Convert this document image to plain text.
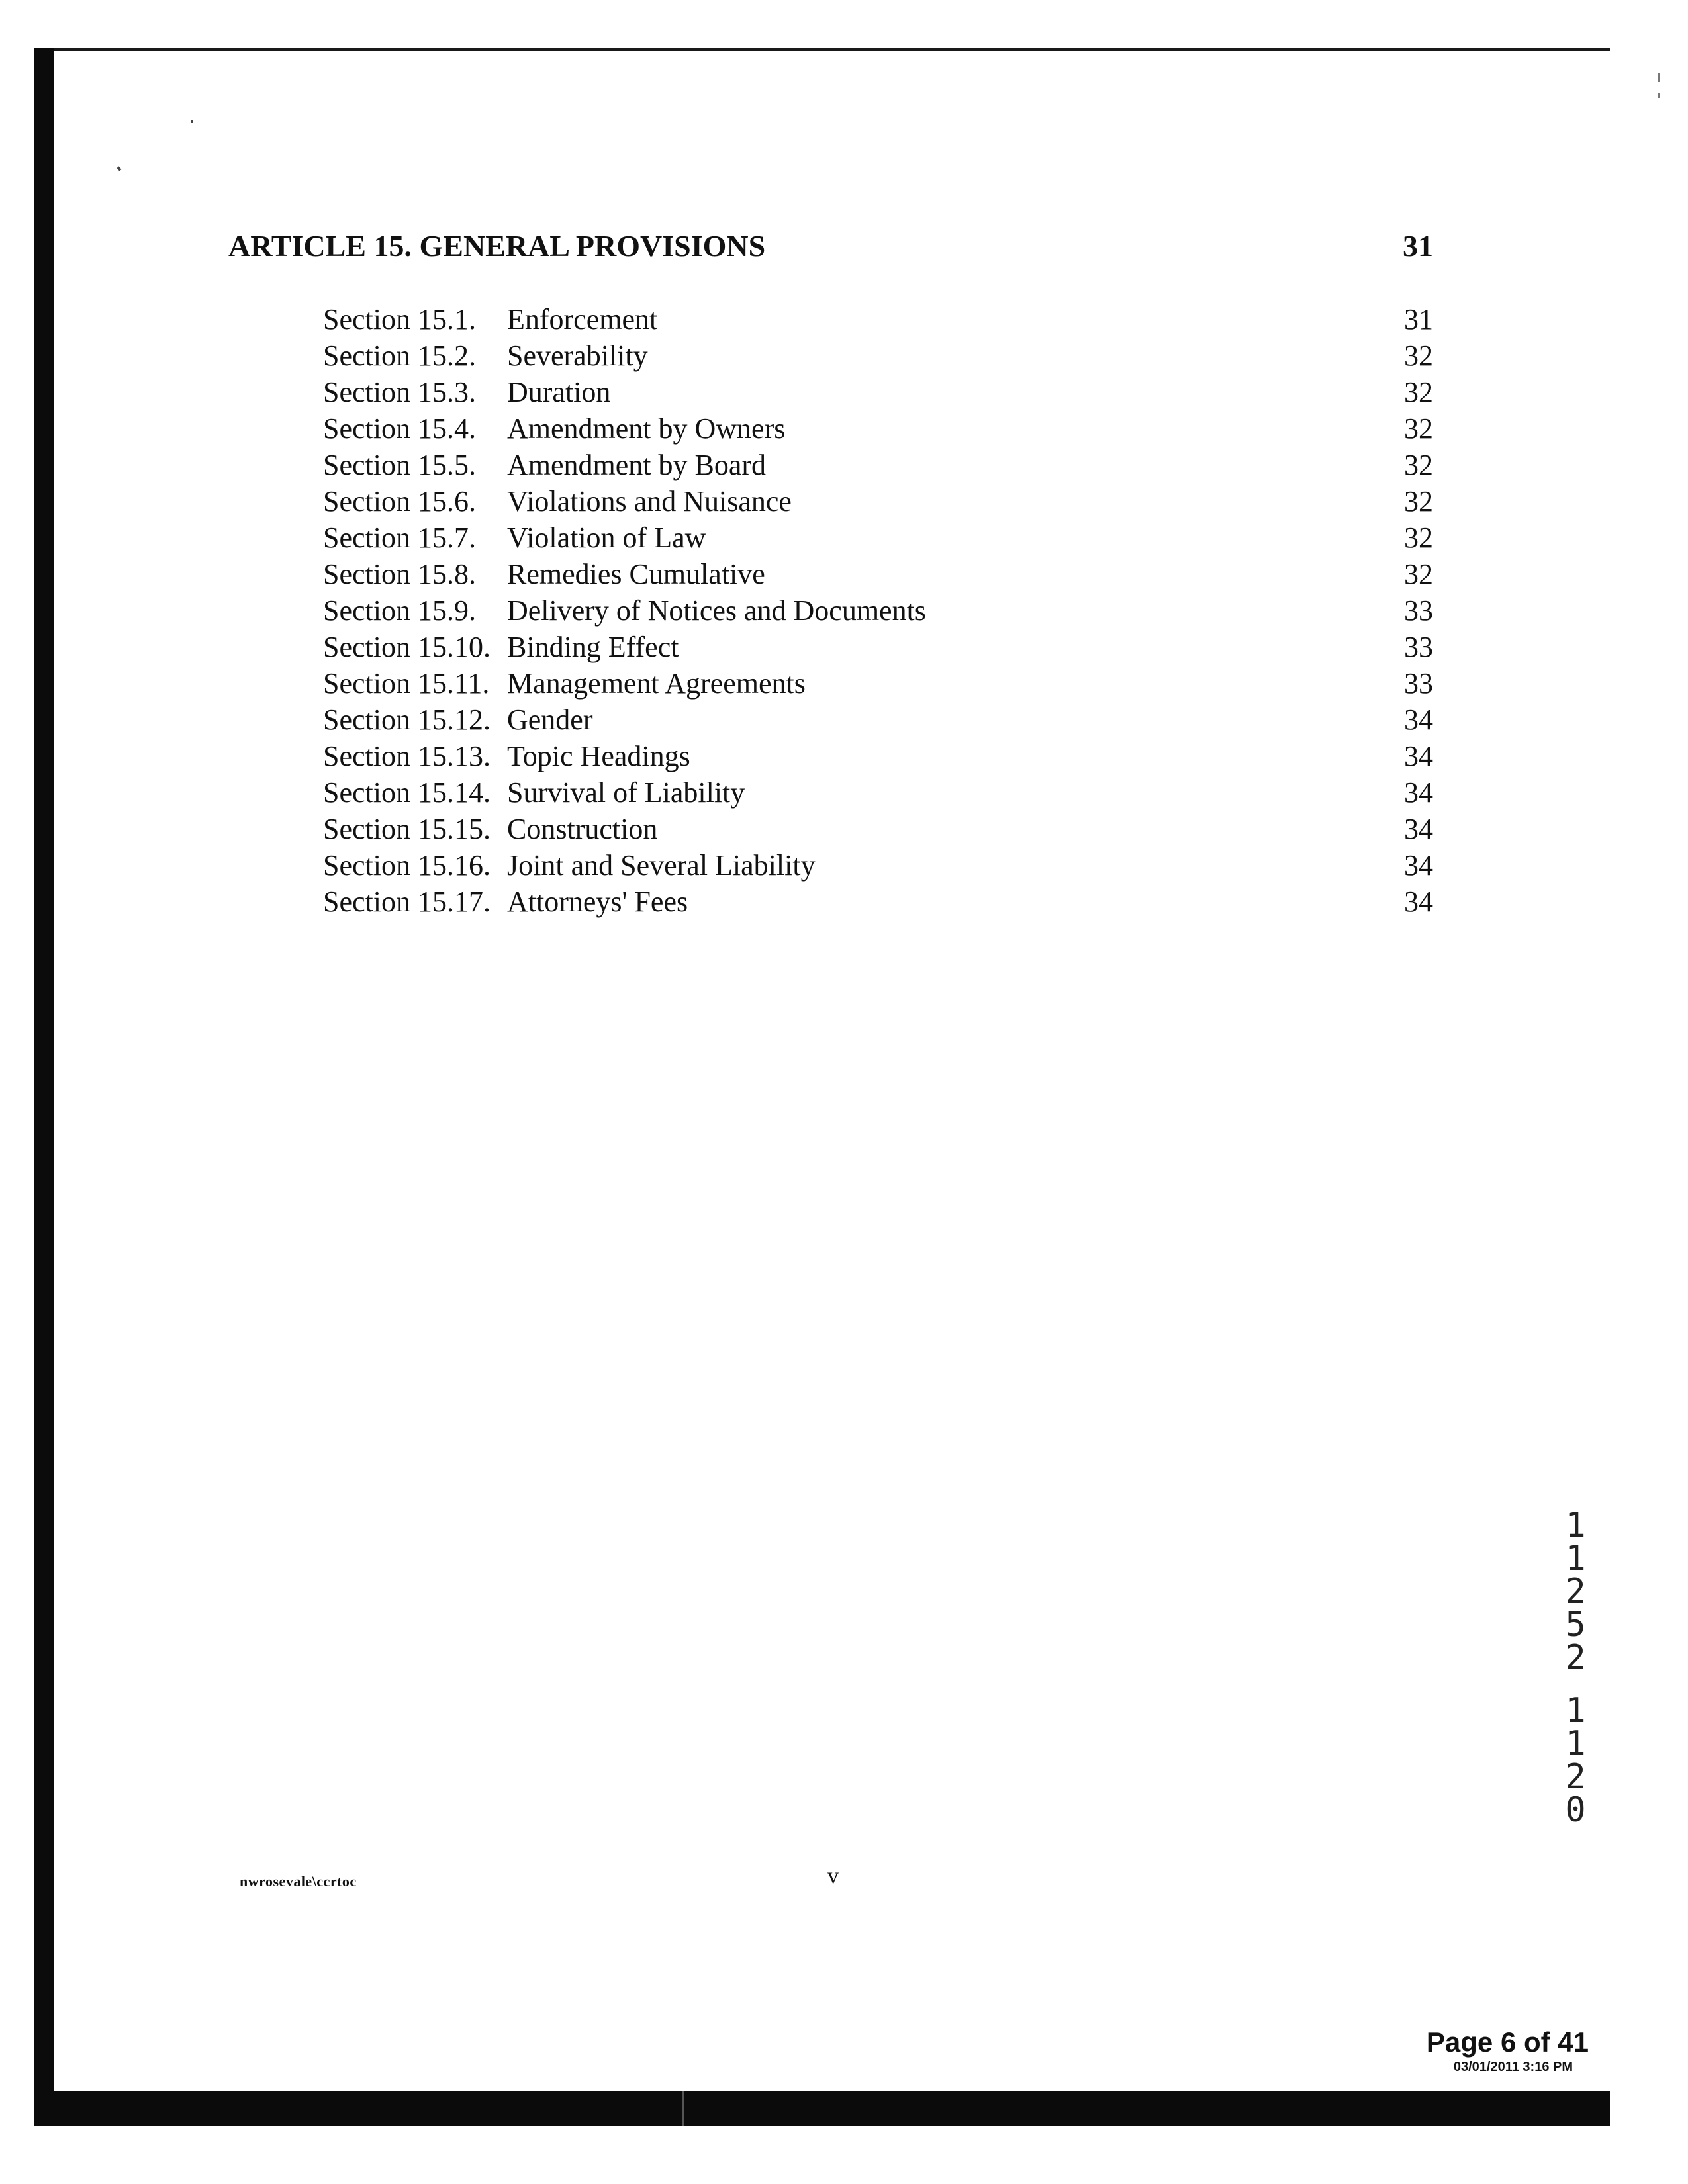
ARTICLE 15. GENERAL PROVISIONS	31
Section 15.1. Enforcement	31
Section 15.2. Severability	32
Section 15.3. Duration	32
Section 15.4. Amendment by Owners	32
Section 15.5. Amendment by Board	32
Section 15.6. Violations and Nuisance	32
Section 15.7. Violation of Law	32
Section 15.8. Remedies Cumulative	32
Section 15.9. Delivery of Notices and Documents	33
Section 15.10. Binding Effect	33
Section 15.11. Management Agreements	33
Section 15.12. Gender	34
Section 15.13. Topic Headings	34
Section 15.14. Survival of Liability	34
Section 15.15. Construction	34
Section 15.16. Joint and Several Liability	34
Section 15.17. Attorneys' Fees	34
nwrosevale\ccrtoc	v
1
1
2
5
2
1
1
2
0
Page 6 of 41
03/01/2011 3:16 PM
